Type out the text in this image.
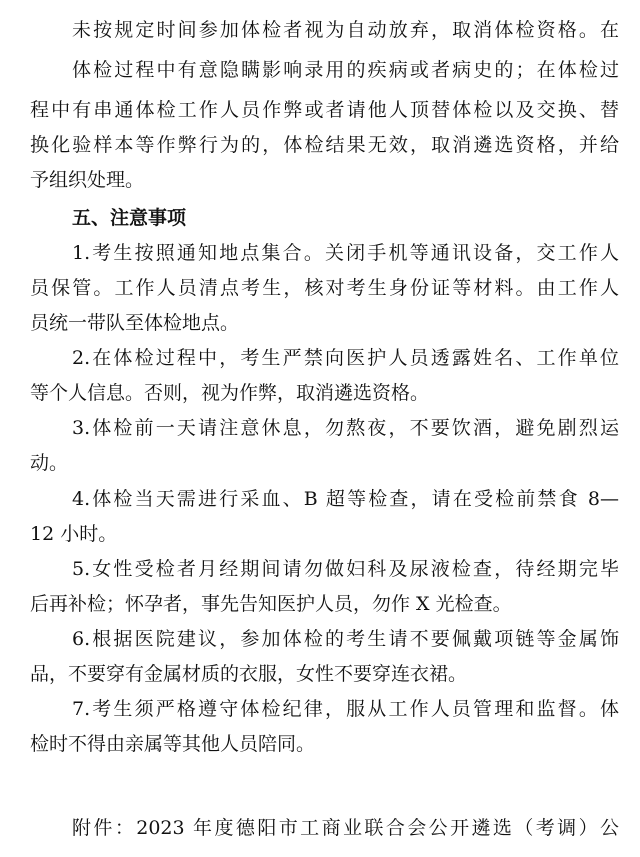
未按规定时间参加体检者视为自动放弃，取消体检资格。在
体检过程中有意隐瞒影响录用的疾病或者病史的；在体检过
程中有串通体检工作人员作弊或者请他人顶替体检以及交换、替
换化验样本等作弊行为的，体检结果无效，取消遴选资格，并给
予组织处理。
五、注意事项
1.考生按照通知地点集合。关闭手机等通讯设备，交工作人
员保管。工作人员清点考生，核对考生身份证等材料。由工作人
员统一带队至体检地点。
2.在体检过程中，考生严禁向医护人员透露姓名、工作单位
等个人信息。否则，视为作弊，取消遴选资格。
3.体检前一天请注意休息，勿熬夜，不要饮酒，避免剧烈运
动。
4.体检当天需进行采血、B 超等检查，请在受检前禁食 8—
12 小时。
5.女性受检者月经期间请勿做妇科及尿液检查，待经期完毕
后再补检；怀孕者，事先告知医护人员，勿作 X 光检查。
6.根据医院建议，参加体检的考生请不要佩戴项链等金属饰
品，不要穿有金属材质的衣服，女性不要穿连衣裙。
7.考生须严格遵守体检纪律，服从工作人员管理和监督。体
检时不得由亲属等其他人员陪同。
附件：2023 年度德阳市工商业联合会公开遴选（考调）公
